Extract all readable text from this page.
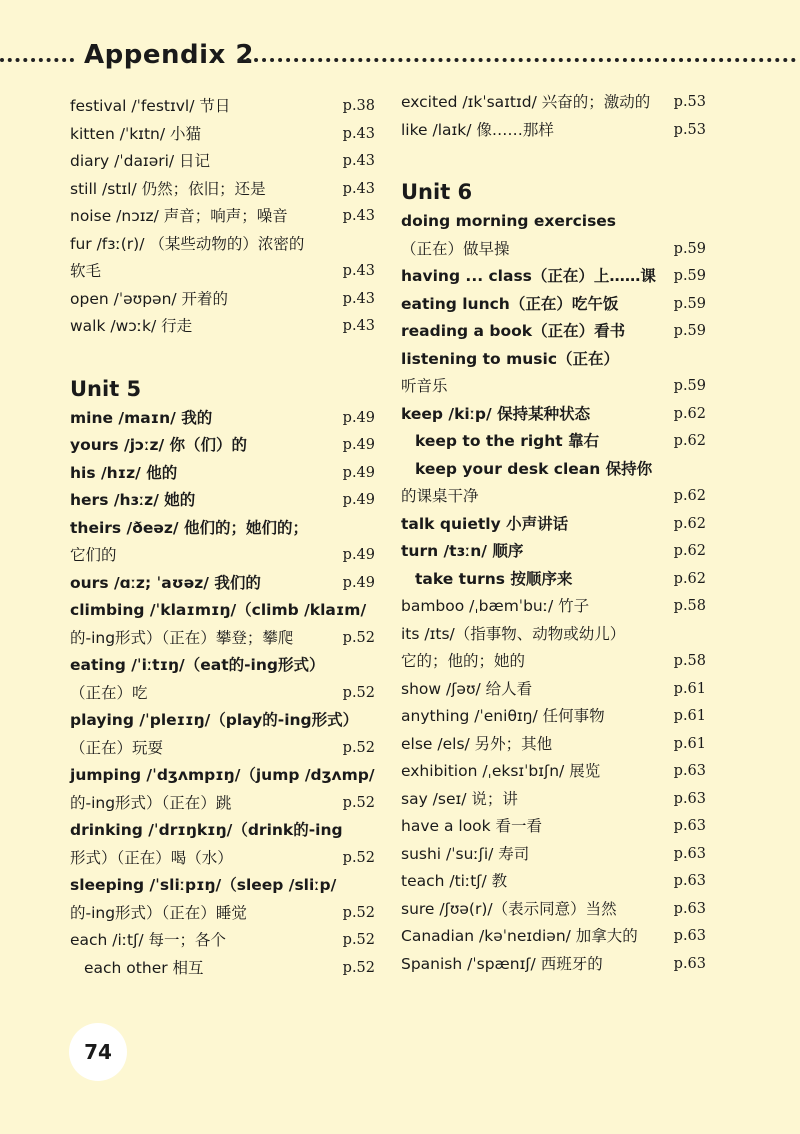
Appendix 2
festival /ˈfestɪvl/ 节日	p.38
kitten /ˈkɪtn/ 小猫	p.43
diary /ˈdaɪəri/ 日记	p.43
still /stɪl/ 仍然；依旧；还是	p.43
noise /nɔɪz/ 声音；响声；噪音	p.43
fur /fɜː(r)/ （某些动物的）浓密的
软毛	p.43
open /ˈəʊpən/ 开着的	p.43
walk /wɔːk/ 行走	p.43
Unit 5
mine /maɪn/ 我的	p.49
yours /jɔːz/ 你（们）的	p.49
his /hɪz/ 他的	p.49
hers /hɜːz/ 她的	p.49
theirs /ðeəz/ 他们的；她们的；
它们的	p.49
ours /ɑːz; ˈaʊəz/ 我们的	p.49
climbing /ˈklaɪmɪŋ/（climb /klaɪm/
的-ing形式）（正在）攀登；攀爬	p.52
eating /ˈiːtɪŋ/（eat的-ing形式）
（正在）吃	p.52
playing /ˈpleɪɪŋ/（play的-ing形式）
（正在）玩耍	p.52
jumping /ˈdʒʌmpɪŋ/（jump /dʒʌmp/
的-ing形式）（正在）跳	p.52
drinking /ˈdrɪŋkɪŋ/（drink的-ing
形式）（正在）喝（水）	p.52
sleeping /ˈsliːpɪŋ/（sleep /sliːp/
的-ing形式）（正在）睡觉	p.52
each /iːtʃ/ 每一；各个	p.52
each other 相互	p.52
excited /ɪkˈsaɪtɪd/ 兴奋的；激动的 p.53
like /laɪk/ 像……那样	p.53
Unit 6
doing morning exercises
（正在）做早操	p.59
having ... class（正在）上……课 p.59
eating lunch（正在）吃午饭	p.59
reading a book（正在）看书	p.59
listening to music（正在）
听音乐	p.59
keep /kiːp/ 保持某种状态	p.62
keep to the right 靠右	p.62
keep your desk clean 保持你
的课桌干净	p.62
talk quietly 小声讲话	p.62
turn /tɜːn/ 顺序	p.62
take turns 按顺序来	p.62
bamboo /ˌbæmˈbuː/ 竹子	p.58
its /ɪts/（指事物、动物或幼儿）
它的；他的；她的	p.58
show /ʃəʊ/ 给人看	p.61
anything /ˈeniθɪŋ/ 任何事物	p.61
else /els/ 另外；其他	p.61
exhibition /ˌeksɪˈbɪʃn/ 展览	p.63
say /seɪ/ 说；讲	p.63
have a look 看一看	p.63
sushi /ˈsuːʃi/ 寿司	p.63
teach /tiːtʃ/ 教	p.63
sure /ʃʊə(r)/（表示同意）当然	p.63
Canadian /kəˈneɪdiən/ 加拿大的 p.63
Spanish /ˈspænɪʃ/ 西班牙的	p.63
74
